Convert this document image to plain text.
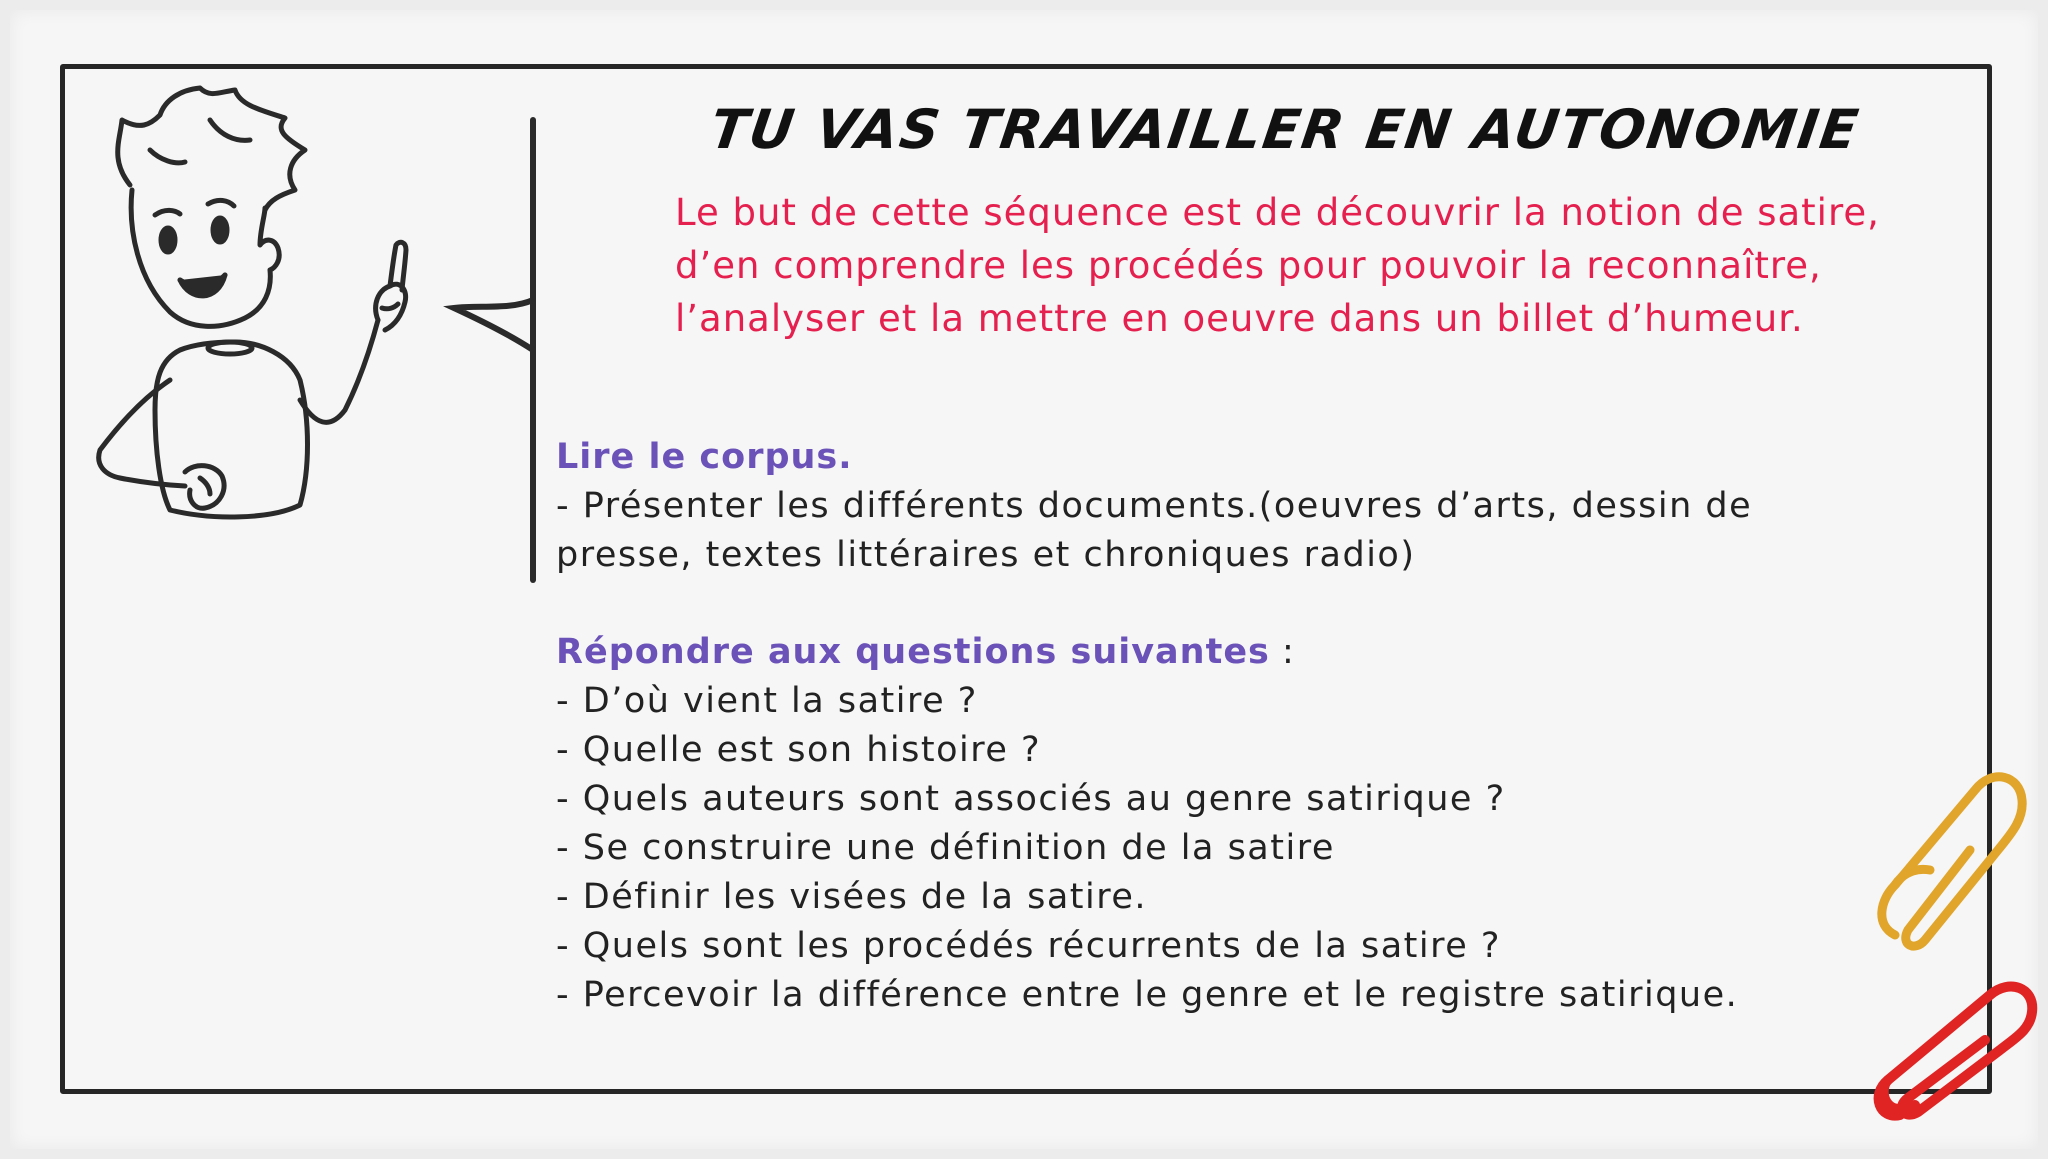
TU VAS TRAVAILLER EN AUTONOMIE
Le but de cette séquence est de découvrir la notion de satire, d’en comprendre les procédés pour pouvoir la reconnaître, l’analyser et la mettre en oeuvre dans un billet d’humeur.
Lire le corpus.
- Présenter les différents documents.(oeuvres d’arts, dessin de presse, textes littéraires et chroniques radio)
Répondre aux questions suivantes :
- D’où vient la satire ?
- Quelle est son histoire ?
- Quels auteurs sont associés au genre satirique ?
- Se construire une définition de la satire
- Définir les visées de la satire.
- Quels sont les procédés récurrents de la satire ?
- Percevoir la différence entre le genre et le registre satirique.
